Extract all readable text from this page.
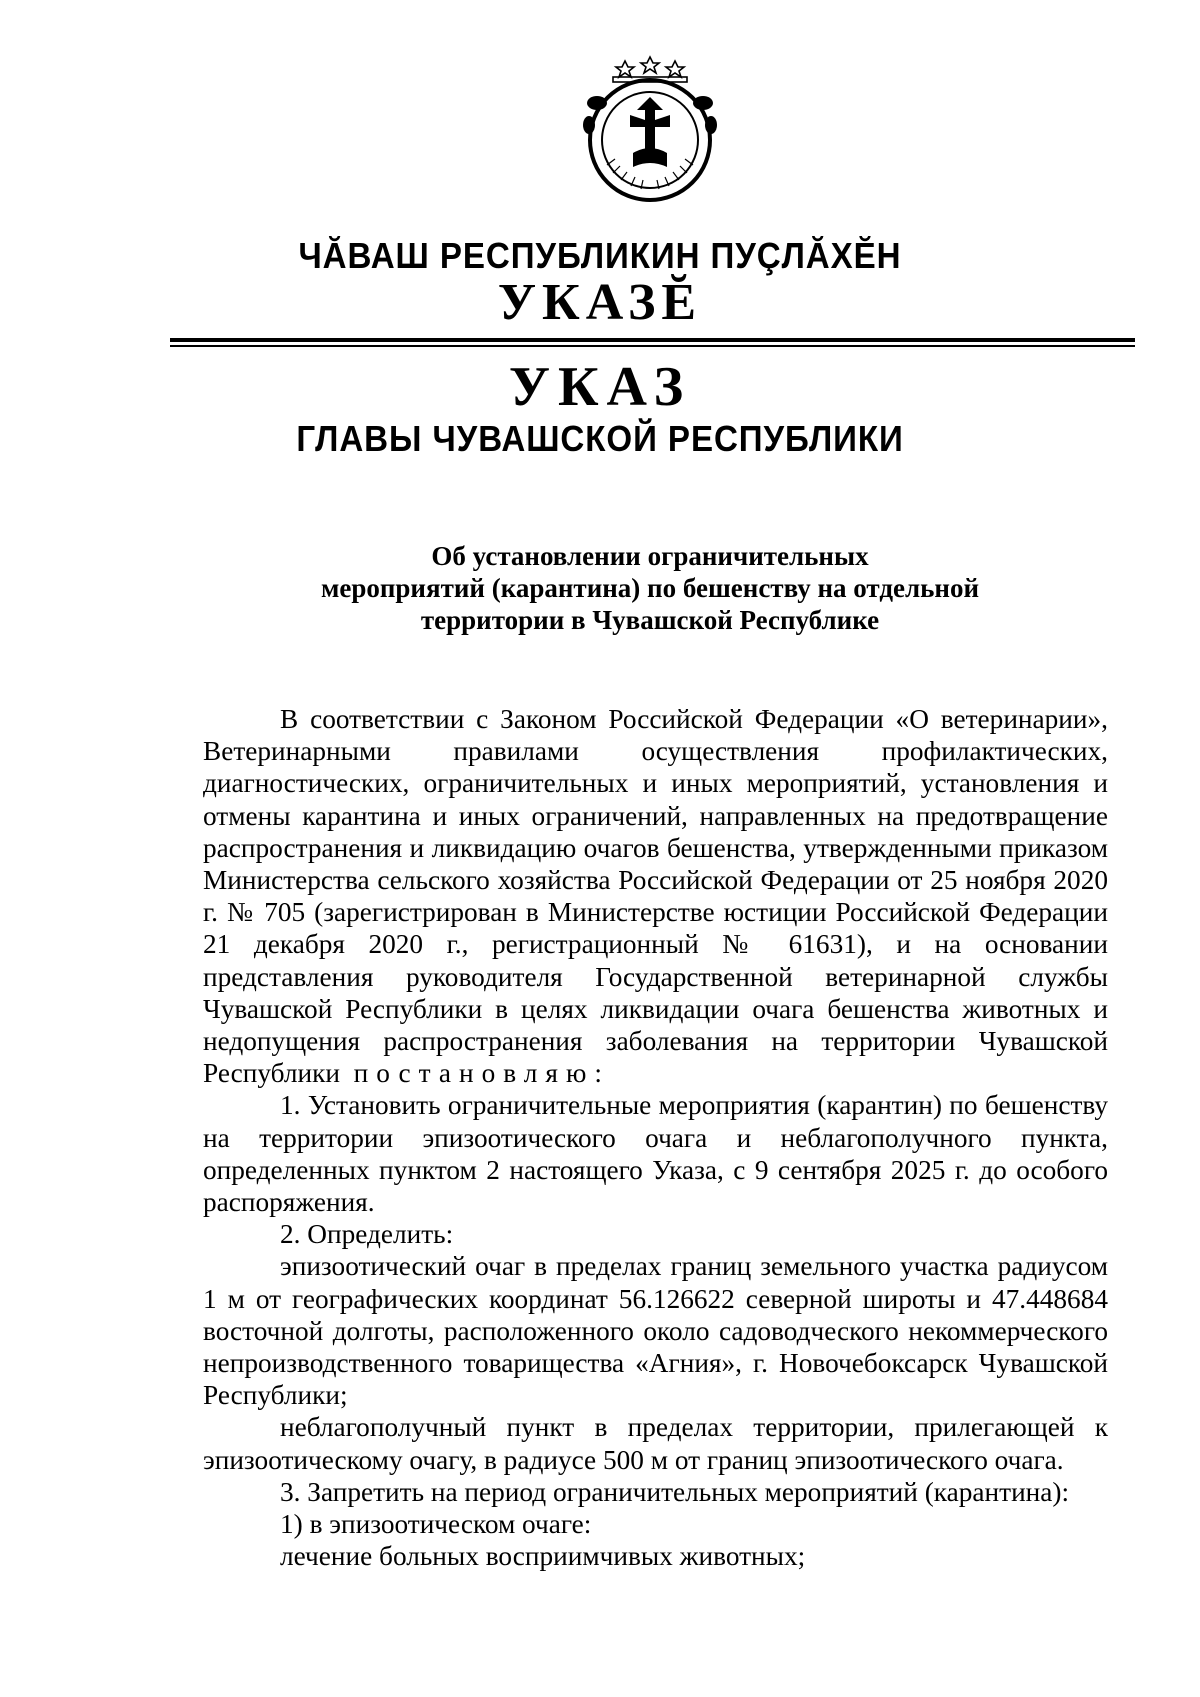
ЧĂВАШ РЕСПУБЛИКИН ПУÇЛĂХĔН
УКАЗĔ
УКАЗ
ГЛАВЫ ЧУВАШСКОЙ РЕСПУБЛИКИ
Об установлении ограничительных
мероприятий (карантина) по бешенству на отдельной
территории в Чувашской Республике

В соответствии с Законом Российской Федерации «О ветеринарии», Ветеринарными правилами осуществления профилактических, диагностических, ограничительных и иных мероприятий, установления и отмены карантина и иных ограничений, направленных на предотвращение распространения и ликвидацию очагов бешенства, утвержденными приказом Министерства сельского хозяйства Российской Федерации от 25 ноября 2020 г. № 705 (зарегистрирован в Министерстве юстиции Российской Федерации 21 декабря 2020 г., регистрационный № 61631), и на основании представления руководителя Государственной ветеринарной службы Чувашской Республики в целях ликвидации очага бешенства животных и недопущения распространения заболевания на территории Чувашской Республики постановляю:

1. Установить ограничительные мероприятия (карантин) по бешенству на территории эпизоотического очага и неблагополучного пункта, определенных пунктом 2 настоящего Указа, с 9 сентября 2025 г. до особого распоряжения.

2. Определить:

эпизоотический очаг в пределах границ земельного участка радиусом 1 м от географических координат 56.126622 северной широты и 47.448684 восточной долготы, расположенного около садоводческого некоммерческого непроизводственного товарищества «Агния», г. Новочебоксарск Чувашской Республики;

неблагополучный пункт в пределах территории, прилегающей к эпизоотическому очагу, в радиусе 500 м от границ эпизоотического очага.

3. Запретить на период ограничительных мероприятий (карантина):

1) в эпизоотическом очаге:

лечение больных восприимчивых животных;
